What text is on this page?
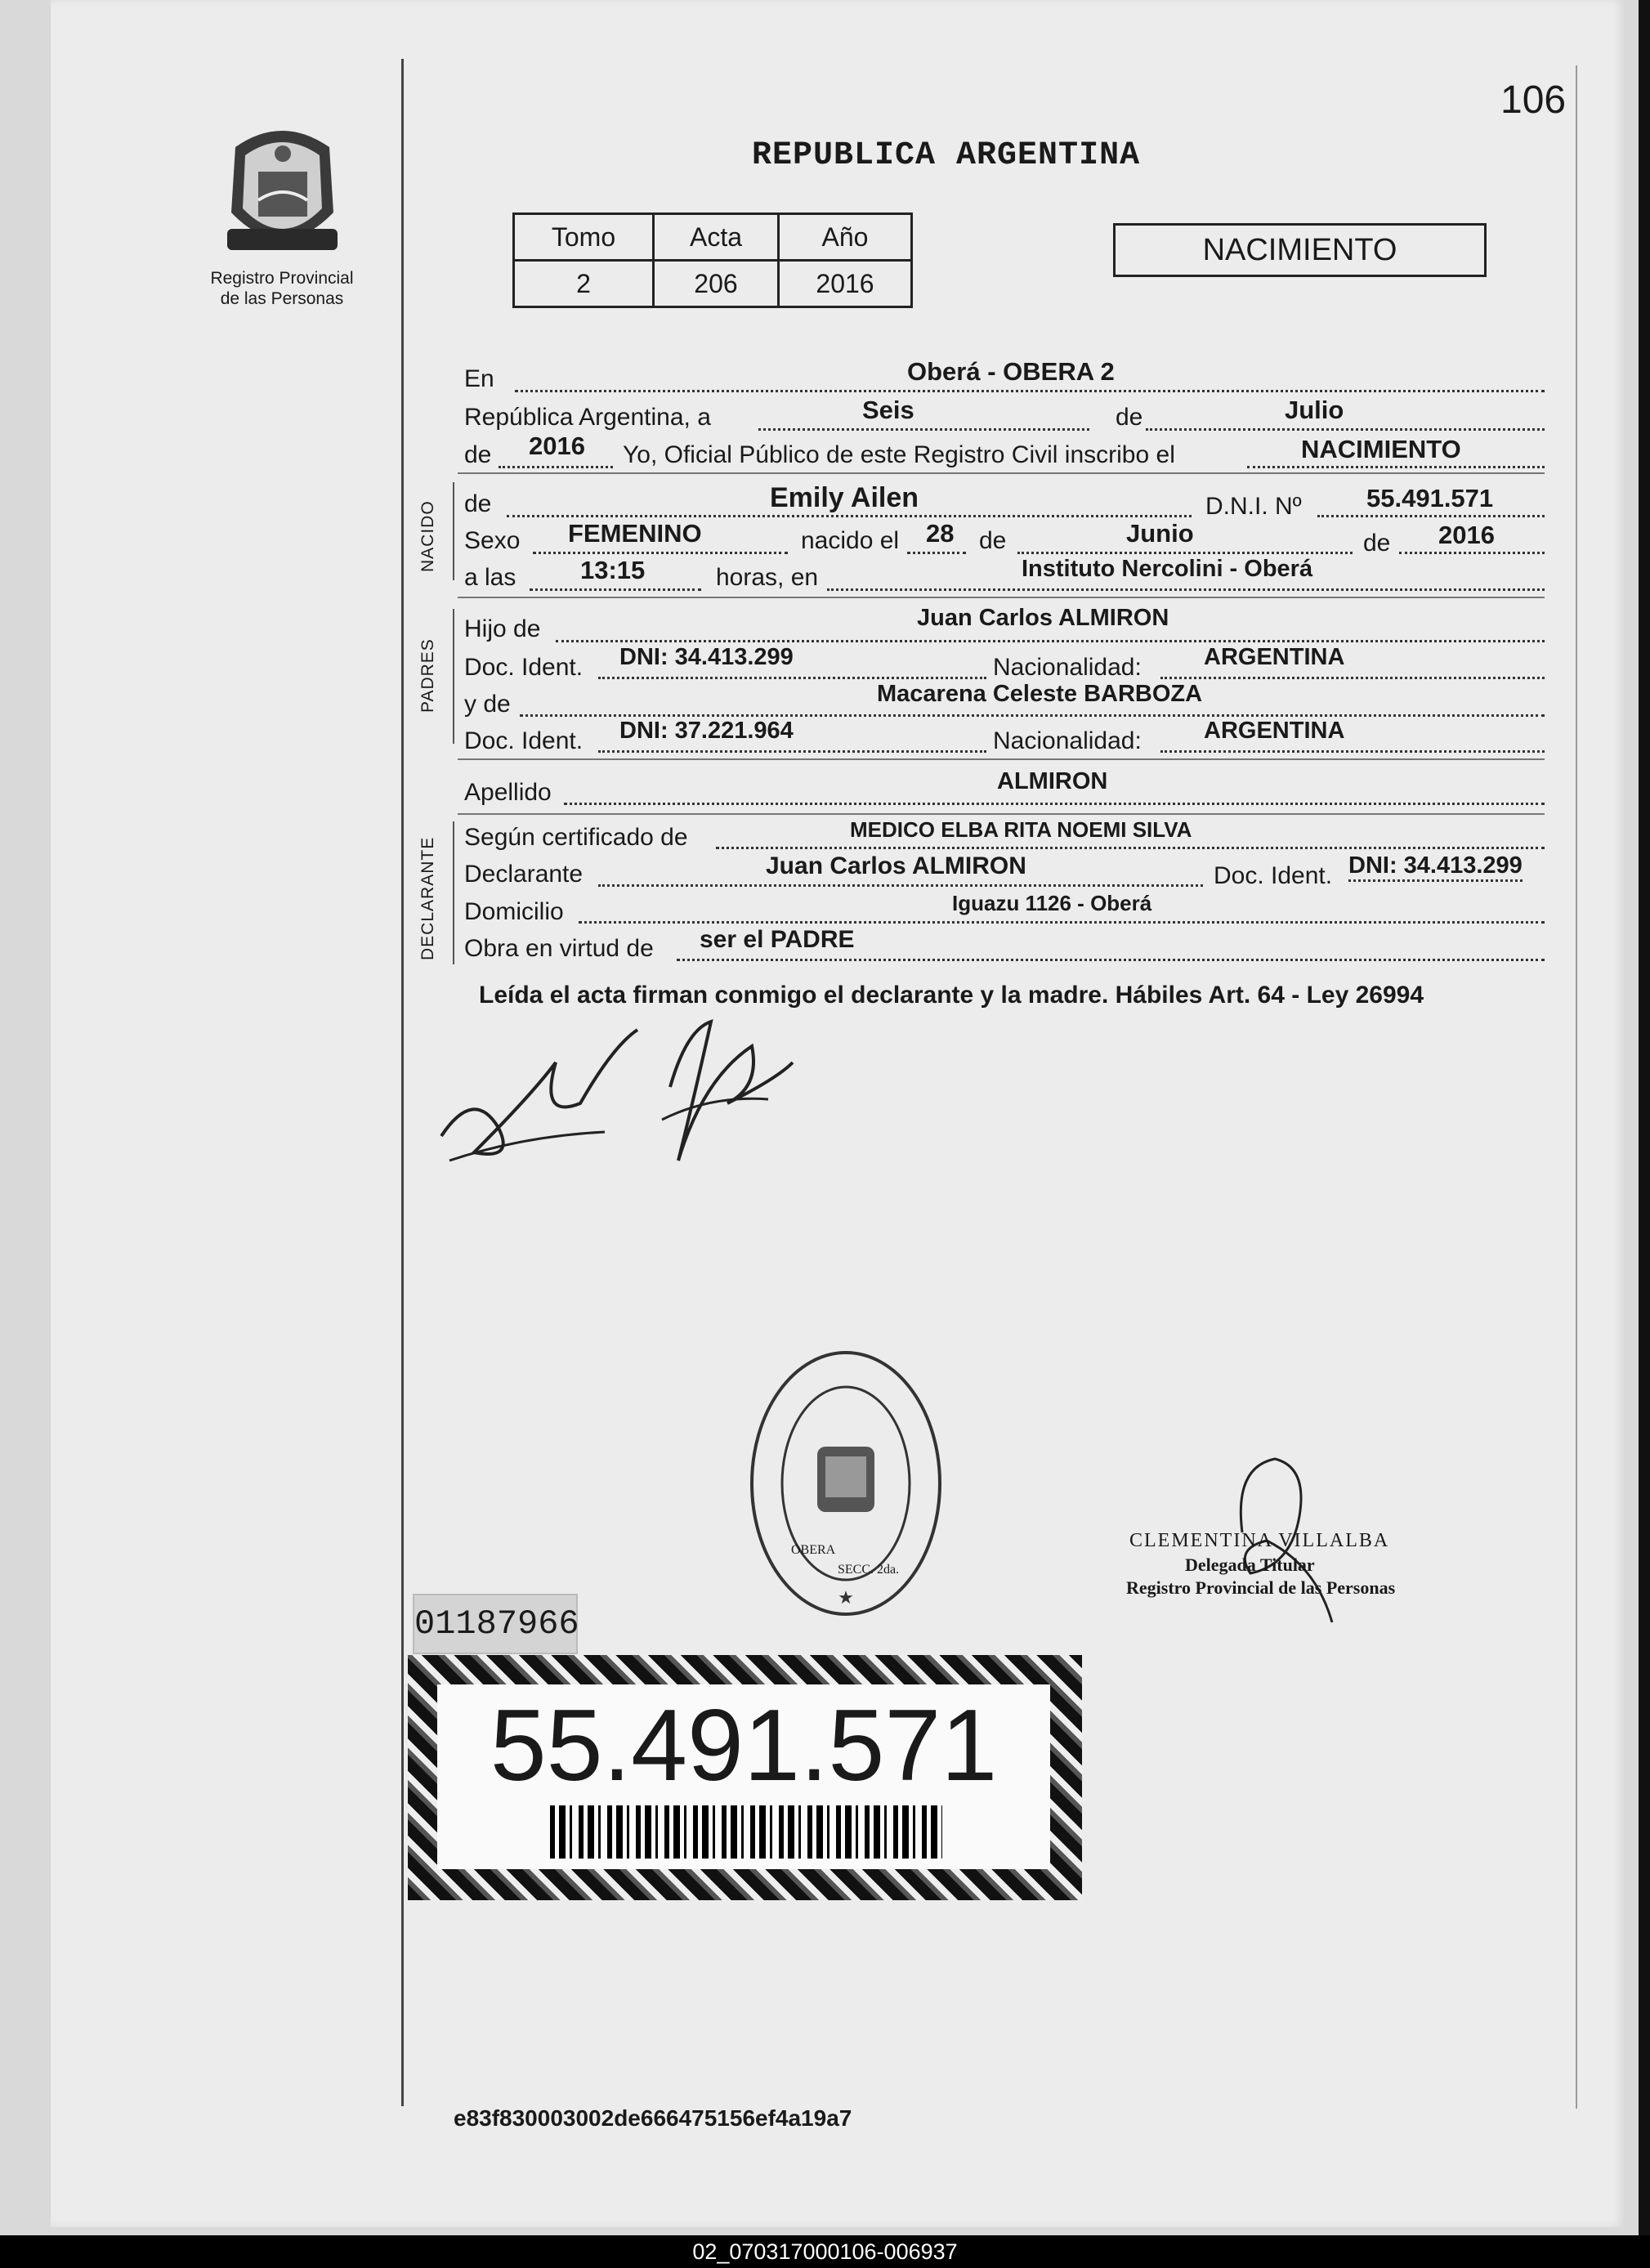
Registro Provincial
de las Personas
106
REPUBLICA ARGENTINA
Tomo	Acta	Año
2	206	2016
NACIMIENTO
En	Oberá - OBERA 2
República Argentina, a	Seis	de	Julio
de 2016 Yo, Oficial Público de este Registro Civil inscribo el	NACIMIENTO
NACIDO de	Emily Ailen	D.N.I. Nº	55.491.571
Sexo FEMENINO	nacido el 28 de	Junio	de 2016
a las	13:15	horas, en	Instituto Nercolini - Oberá
PADRES
Hijo de	Juan Carlos ALMIRON
Doc. Ident. DNI: 34.413.299	Nacionalidad:	ARGENTINA
y de	Macarena Celeste BARBOZA
Doc. Ident. DNI: 37.221.964	Nacionalidad:	ARGENTINA
Apellido	ALMIRON
DECLARANTE Según certificado de	MEDICO ELBA RITA NOEMI SILVA
Declarante	Juan Carlos ALMIRON	Doc. Ident. DNI: 34.413.299
Domicilio	Iguazu 1126 - Oberá
Obra en virtud de ser el PADRE
Leída el acta firman conmigo el declarante y la madre. Hábiles Art. 64 - Ley 26994
★
OBERA
SECC. 2da.
CLEMENTINA VILLALBA
Delegada Titular
Registro Provincial de las Personas
01187966
55.491.571
e83f830003002de666475156ef4a19a7
02_070317000106-006937
